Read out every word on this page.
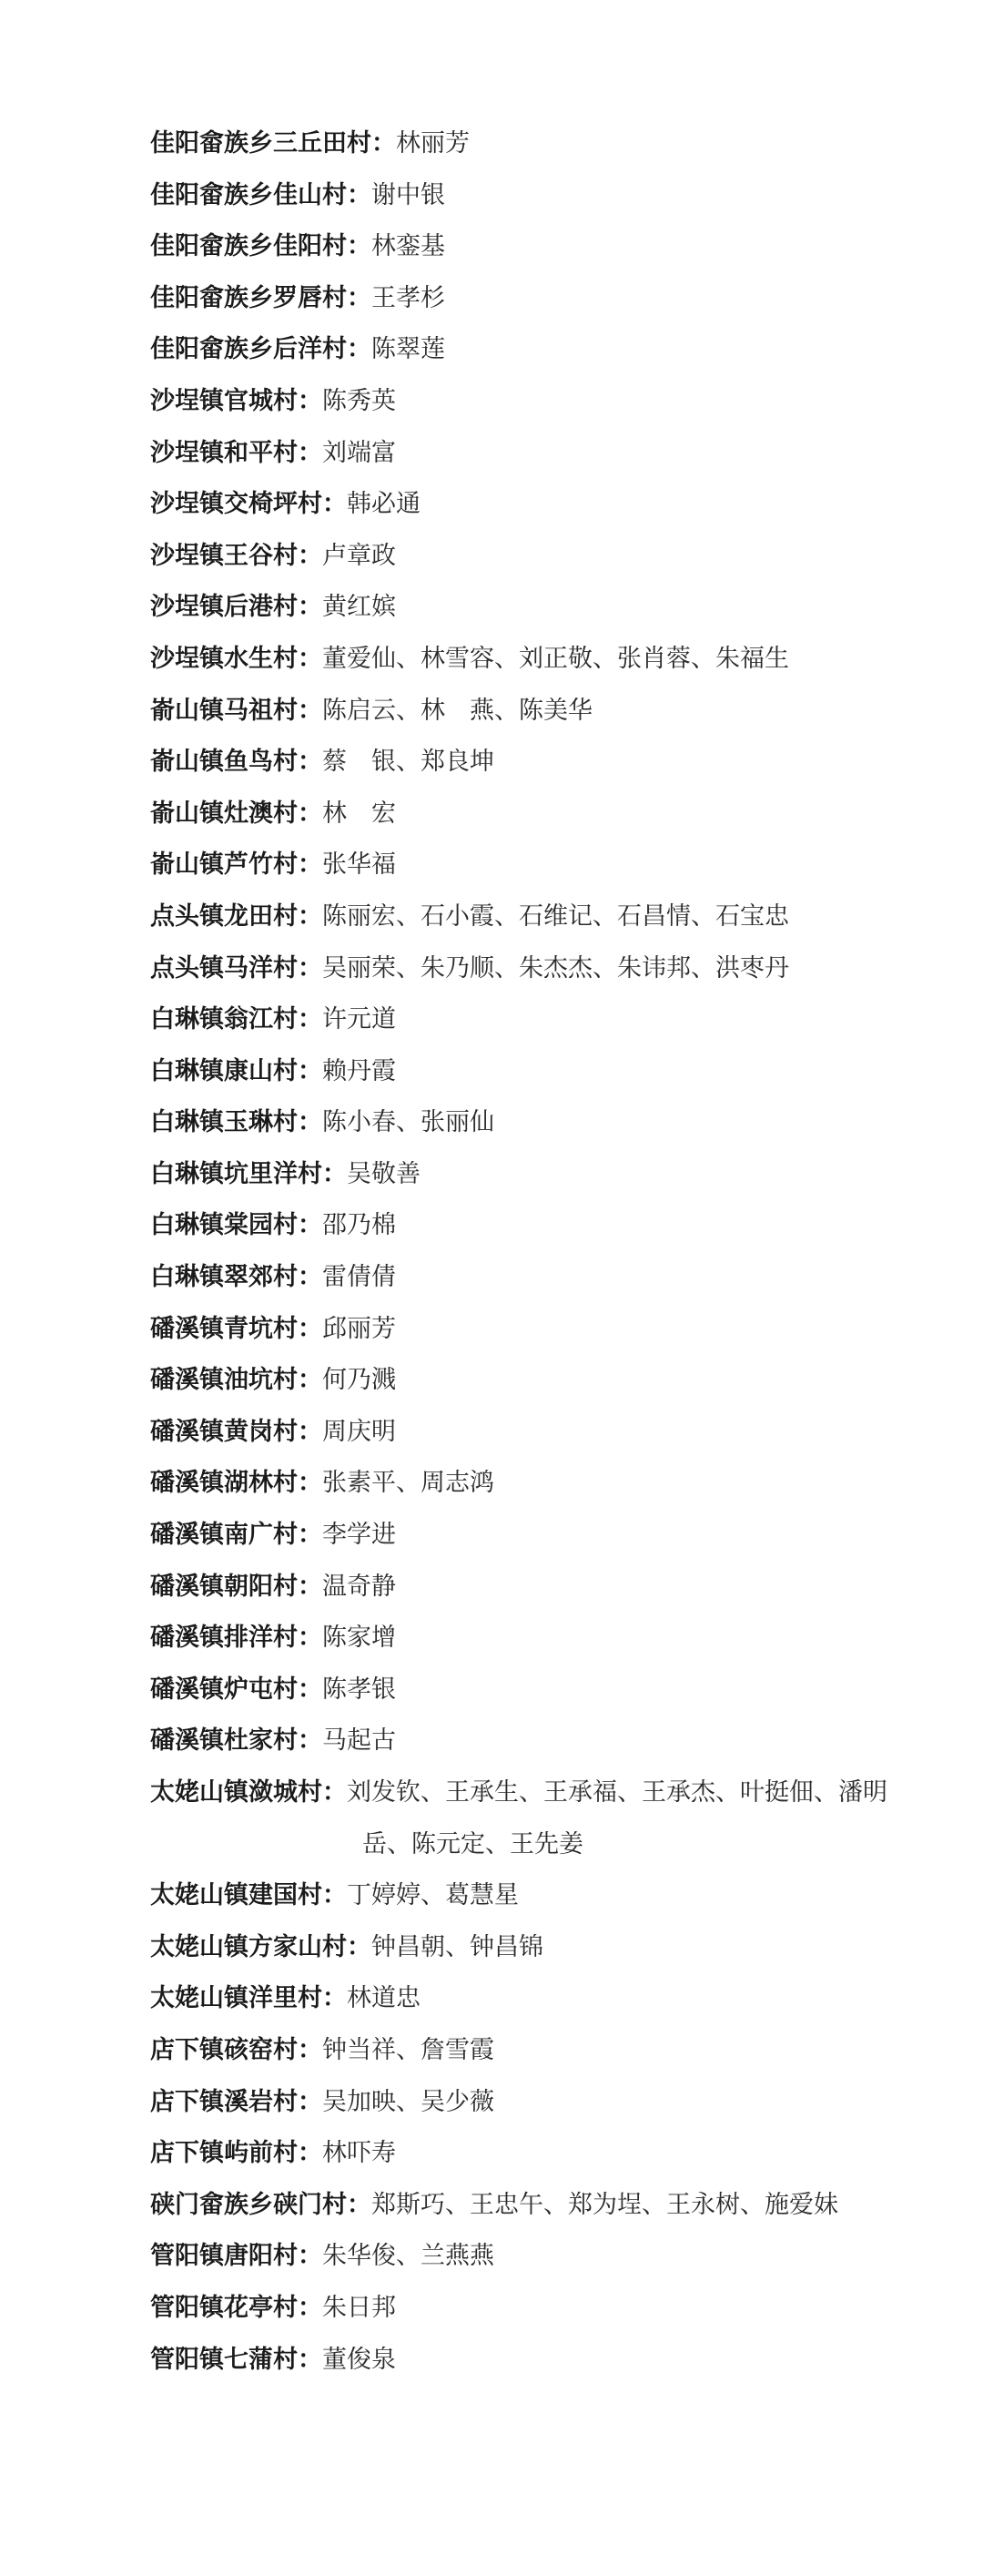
佳阳畲族乡三丘田村：林丽芳
佳阳畲族乡佳山村：谢中银
佳阳畲族乡佳阳村：林銮基
佳阳畲族乡罗唇村：王孝杉
佳阳畲族乡后洋村：陈翠莲
沙埕镇官城村：陈秀英
沙埕镇和平村：刘端富
沙埕镇交椅坪村：韩必通
沙埕镇王谷村：卢章政
沙埕镇后港村：黄红嫔
沙埕镇水生村：董爱仙、林雪容、刘正敬、张肖蓉、朱福生
嵛山镇马祖村：陈启云、林　燕、陈美华
嵛山镇鱼鸟村：蔡　银、郑良坤
嵛山镇灶澳村：林　宏
嵛山镇芦竹村：张华福
点头镇龙田村：陈丽宏、石小霞、石维记、石昌情、石宝忠
点头镇马洋村：吴丽荣、朱乃顺、朱杰杰、朱讳邦、洪枣丹
白琳镇翁江村：许元道
白琳镇康山村：赖丹霞
白琳镇玉琳村：陈小春、张丽仙
白琳镇坑里洋村：吴敬善
白琳镇棠园村：邵乃棉
白琳镇翠郊村：雷倩倩
磻溪镇青坑村：邱丽芳
磻溪镇油坑村：何乃溅
磻溪镇黄岗村：周庆明
磻溪镇湖林村：张素平、周志鸿
磻溪镇南广村：李学进
磻溪镇朝阳村：温奇静
磻溪镇排洋村：陈家增
磻溪镇炉屯村：陈孝银
磻溪镇杜家村：马起古
太姥山镇潋城村：刘发钦、王承生、王承福、王承杰、叶挺佃、潘明岳、陈元定、王先姜
太姥山镇建国村：丁婷婷、葛慧星
太姥山镇方家山村：钟昌朝、钟昌锦
太姥山镇洋里村：林道忠
店下镇硋窑村：钟当祥、詹雪霞
店下镇溪岩村：吴加映、吴少薇
店下镇屿前村：林吓寿
硖门畲族乡硖门村：郑斯巧、王忠午、郑为埕、王永树、施爱妹
管阳镇唐阳村：朱华俊、兰燕燕
管阳镇花亭村：朱日邦
管阳镇七蒲村：董俊泉
